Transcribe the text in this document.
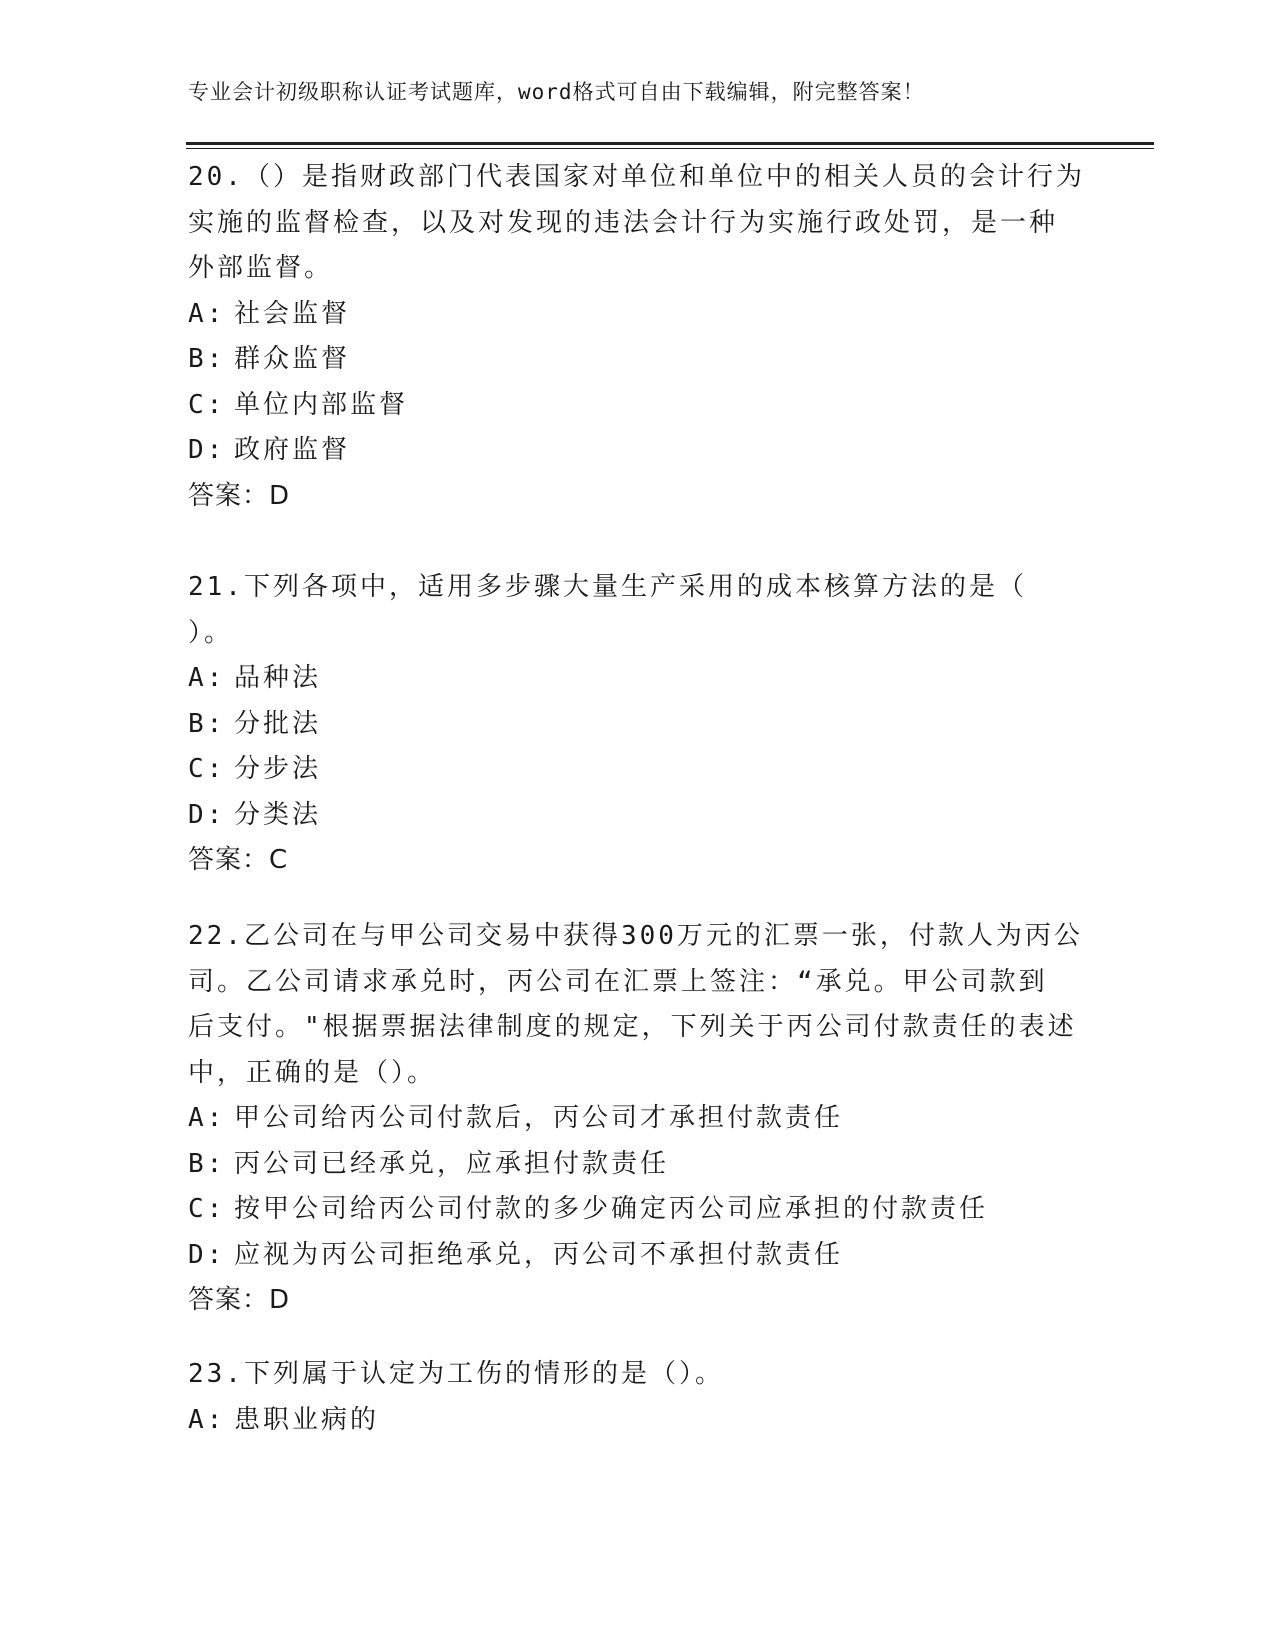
专业会计初级职称认证考试题库，word格式可自由下载编辑，附完整答案！
20.（）是指财政部门代表国家对单位和单位中的相关人员的会计行为
实施的监督检查，以及对发现的违法会计行为实施行政处罚，是一种
外部监督。
A: 社会监督
B: 群众监督
C: 单位内部监督
D: 政府监督
答案：D
21.下列各项中，适用多步骤大量生产采用的成本核算方法的是（
）。
A: 品种法
B: 分批法
C: 分步法
D: 分类法
答案：C
22.乙公司在与甲公司交易中获得300万元的汇票一张，付款人为丙公
司。乙公司请求承兑时，丙公司在汇票上签注：“承兑。甲公司款到
后支付。"根据票据法律制度的规定，下列关于丙公司付款责任的表述
中，正确的是（）。
A: 甲公司给丙公司付款后，丙公司才承担付款责任
B: 丙公司已经承兑，应承担付款责任
C: 按甲公司给丙公司付款的多少确定丙公司应承担的付款责任
D: 应视为丙公司拒绝承兑，丙公司不承担付款责任
答案：D
23.下列属于认定为工伤的情形的是（）。
A: 患职业病的
